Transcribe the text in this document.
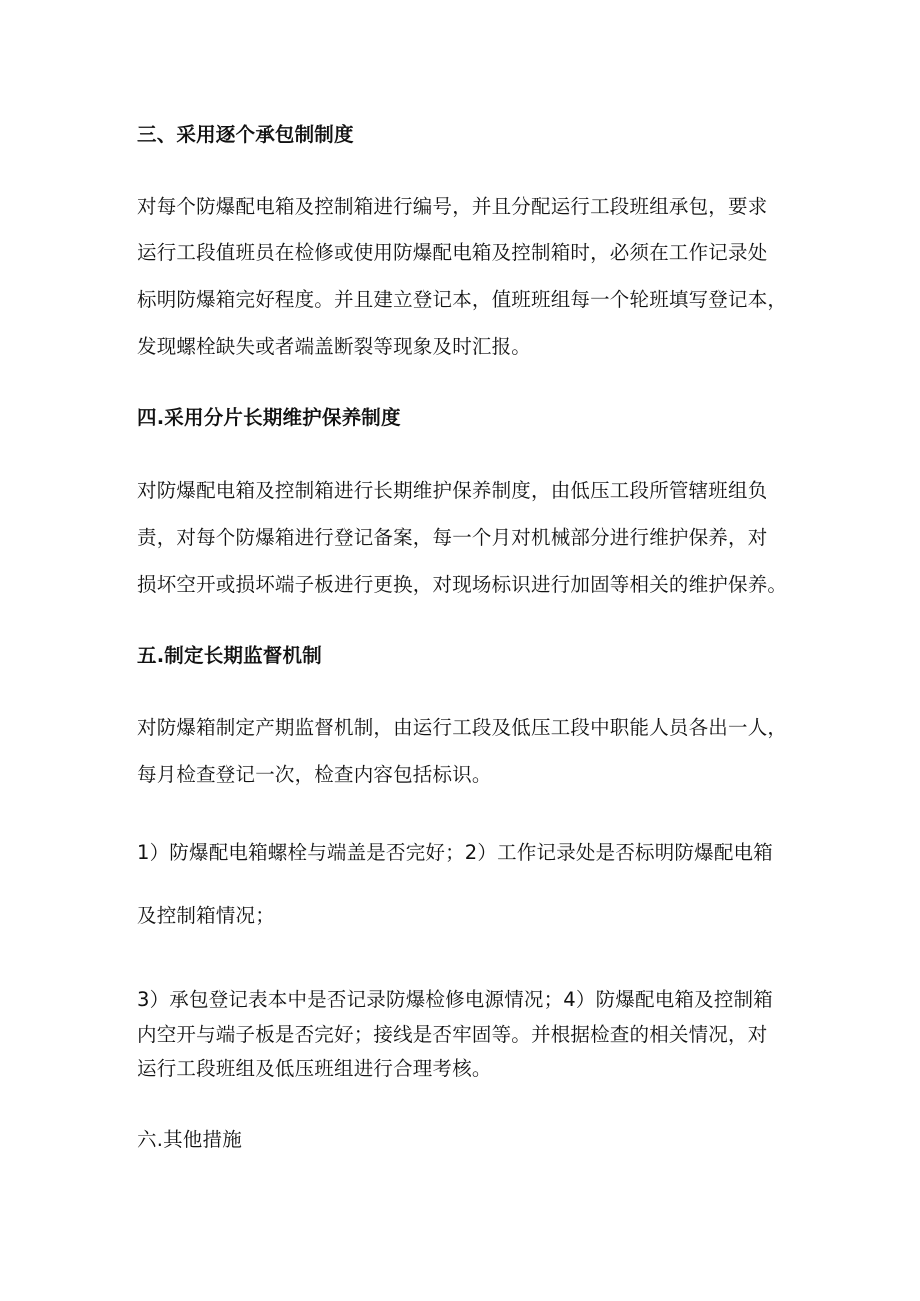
三、采用逐个承包制制度

对每个防爆配电箱及控制箱进行编号，并且分配运行工段班组承包，要求

运行工段值班员在检修或使用防爆配电箱及控制箱时，必须在工作记录处

标明防爆箱完好程度。并且建立登记本，值班班组每一个轮班填写登记本，

发现螺栓缺失或者端盖断裂等现象及时汇报。

四.采用分片长期维护保养制度

对防爆配电箱及控制箱进行长期维护保养制度，由低压工段所管辖班组负

责，对每个防爆箱进行登记备案，每一个月对机械部分进行维护保养，对

损坏空开或损坏端子板进行更换，对现场标识进行加固等相关的维护保养。

五.制定长期监督机制

对防爆箱制定产期监督机制，由运行工段及低压工段中职能人员各出一人，

每月检查登记一次，检查内容包括标识。

1）防爆配电箱螺栓与端盖是否完好；2）工作记录处是否标明防爆配电箱

及控制箱情况；

3）承包登记表本中是否记录防爆检修电源情况；4）防爆配电箱及控制箱

内空开与端子板是否完好；接线是否牢固等。并根据检查的相关情况，对

运行工段班组及低压班组进行合理考核。

六.其他措施
